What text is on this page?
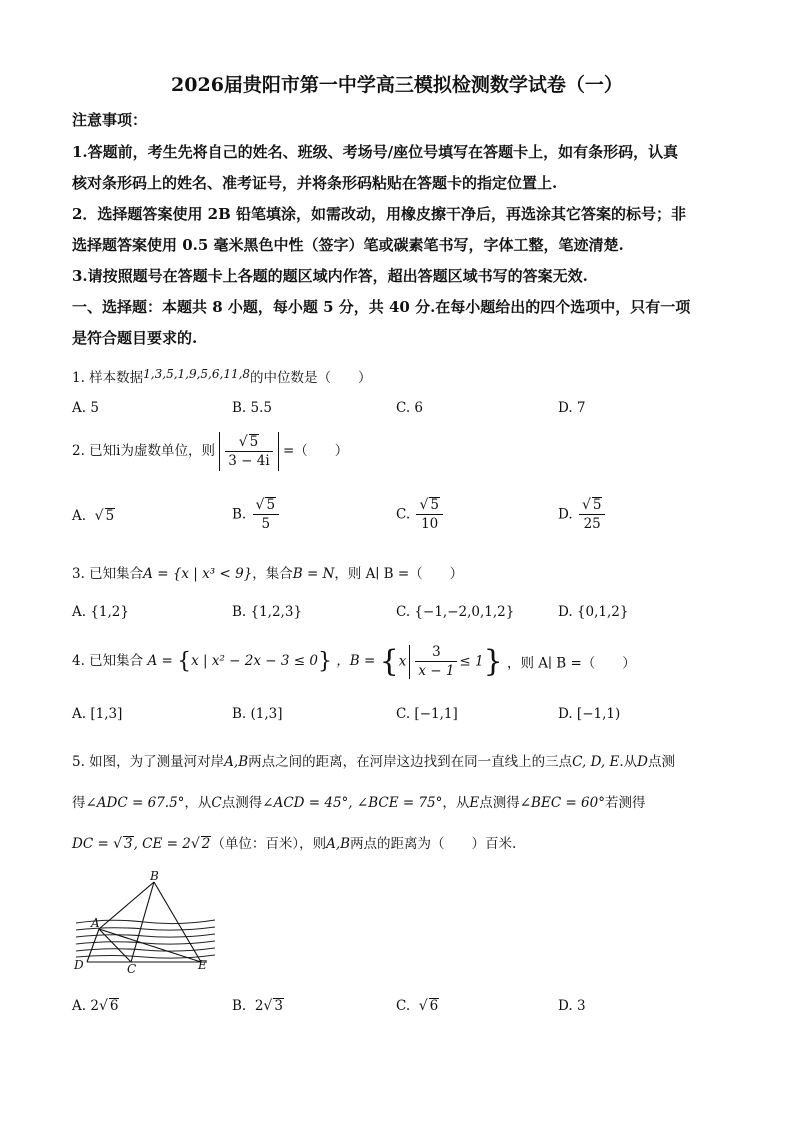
2026届贵阳市第一中学高三模拟检测数学试卷（一）
注意事项：
1.答题前，考生先将自己的姓名、班级、考场号/座位号填写在答题卡上，如有条形码，认真
核对条形码上的姓名、准考证号，并将条形码粘贴在答题卡的指定位置上.
2．选择题答案使用 2B 铅笔填涂，如需改动，用橡皮擦干净后，再选涂其它答案的标号；非
选择题答案使用 0.5 毫米黑色中性（签字）笔或碳素笔书写，字体工整，笔迹清楚.
3.请按照题号在答题卡上各题的题区域内作答，超出答题区域书写的答案无效.
一、选择题：本题共 8 小题，每小题 5 分，共 40 分.在每小题给出的四个选项中，只有一项
是符合题目要求的.
1. 样本数据1,3,5,1,9,5,6,11,8的中位数是（　　）
A. 5	B. 5.5	C. 6	D. 7
2. 已知i为虚数单位，则 $\frac{√ 5}{3 - 4i}$ =（　　）
A. √ 5	B. $\frac{√ 5}{5}$	C. $\frac{√ 5}{10}$	D. $\frac{√ 5}{25}$
3. 已知集合A = {x | x³ < 9}，集合B = N，则 A∣ B =（　　）
A. {1,2}	B. {1,2,3}	C. {−1,−2,0,1,2}	D. {0,1,2}
4. 已知集合 A = {x | x² − 2x − 3 ≤ 0} ，$B = \{x \frac{3}{x - 1} \le 1\}$ ，则 A∣ B =（　　）
A. [1,3]	B. (1,3]	C. [−1,1]	D. [−1,1)
5. 如图，为了测量河对岸A,B两点之间的距离，在河岸这边找到在同一直线上的三点C, D, E.从D点测
得∠ADC = 67.5°，从C点测得∠ACD = 45°, ∠BCE = 75°，从E点测得∠BEC = 60°若测得
DC = √ 3, CE = 2√ 2（单位：百米），则A,B两点的距离为（　　）百米.
B
A
D	C	E
A. 2√ 6	B. 2√ 3	C. √ 6	D. 3
